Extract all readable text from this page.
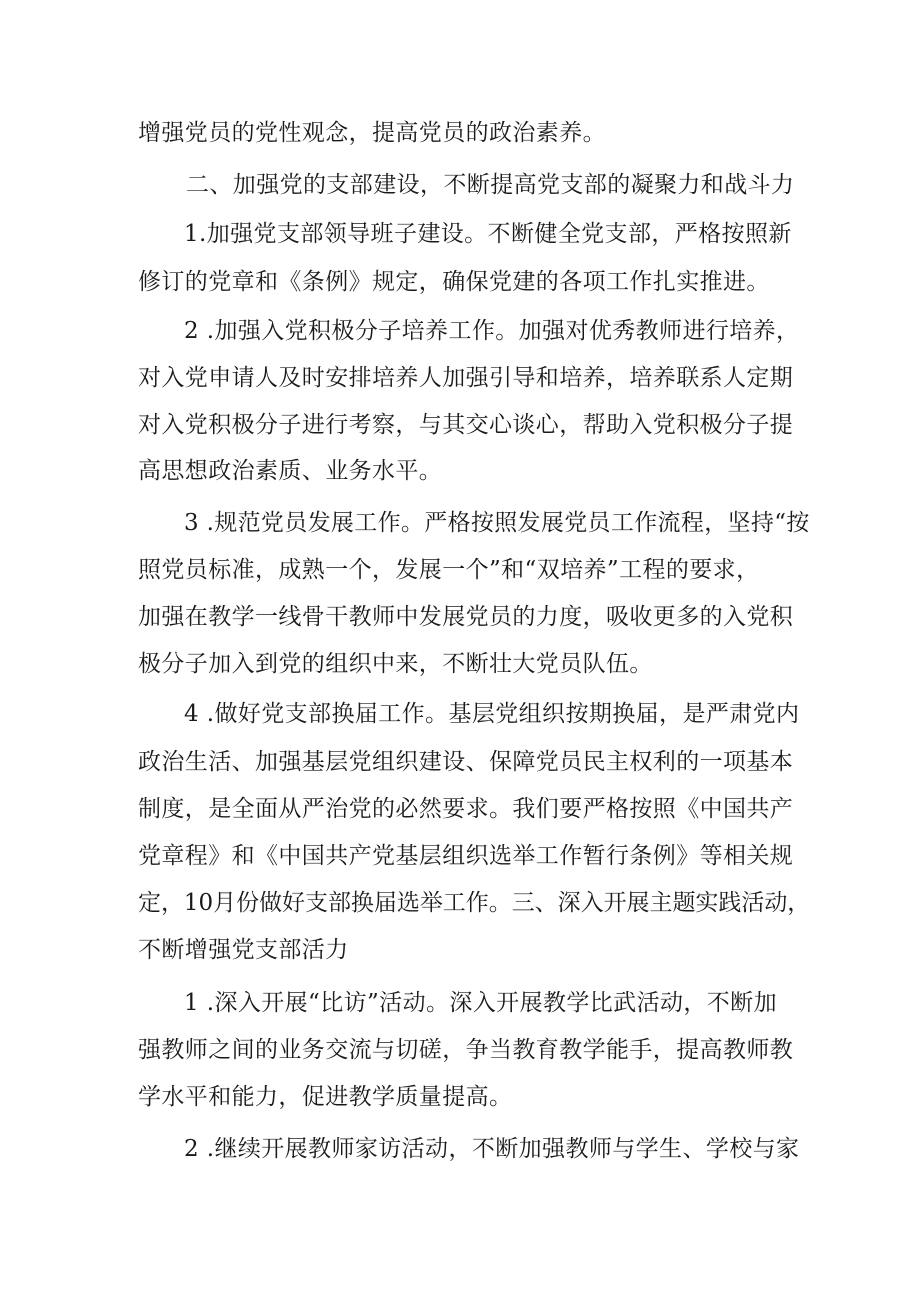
增强党员的党性观念，提高党员的政治素养。
二、加强党的支部建设，不断提高党支部的凝聚力和战斗力
1.加强党支部领导班子建设。不断健全党支部，严格按照新
修订的党章和《条例》规定，确保党建的各项工作扎实推进。
2 .加强入党积极分子培养工作。加强对优秀教师进行培养，
对入党申请人及时安排培养人加强引导和培养，培养联系人定期
对入党积极分子进行考察，与其交心谈心，帮助入党积极分子提
高思想政治素质、业务水平。
3 .规范党员发展工作。严格按照发展党员工作流程，坚持“按
照党员标准，成熟一个，发展一个”和“双培养”工程的要求，
加强在教学一线骨干教师中发展党员的力度，吸收更多的入党积
极分子加入到党的组织中来，不断壮大党员队伍。
4 .做好党支部换届工作。基层党组织按期换届，是严肃党内
政治生活、加强基层党组织建设、保障党员民主权利的一项基本
制度，是全面从严治党的必然要求。我们要严格按照《中国共产
党章程》和《中国共产党基层组织选举工作暂行条例》等相关规
定，10月份做好支部换届选举工作。三、深入开展主题实践活动，
不断增强党支部活力
1 .深入开展“比访”活动。深入开展教学比武活动，不断加
强教师之间的业务交流与切磋，争当教育教学能手，提高教师教
学水平和能力，促进教学质量提高。
2 .继续开展教师家访活动，不断加强教师与学生、学校与家
